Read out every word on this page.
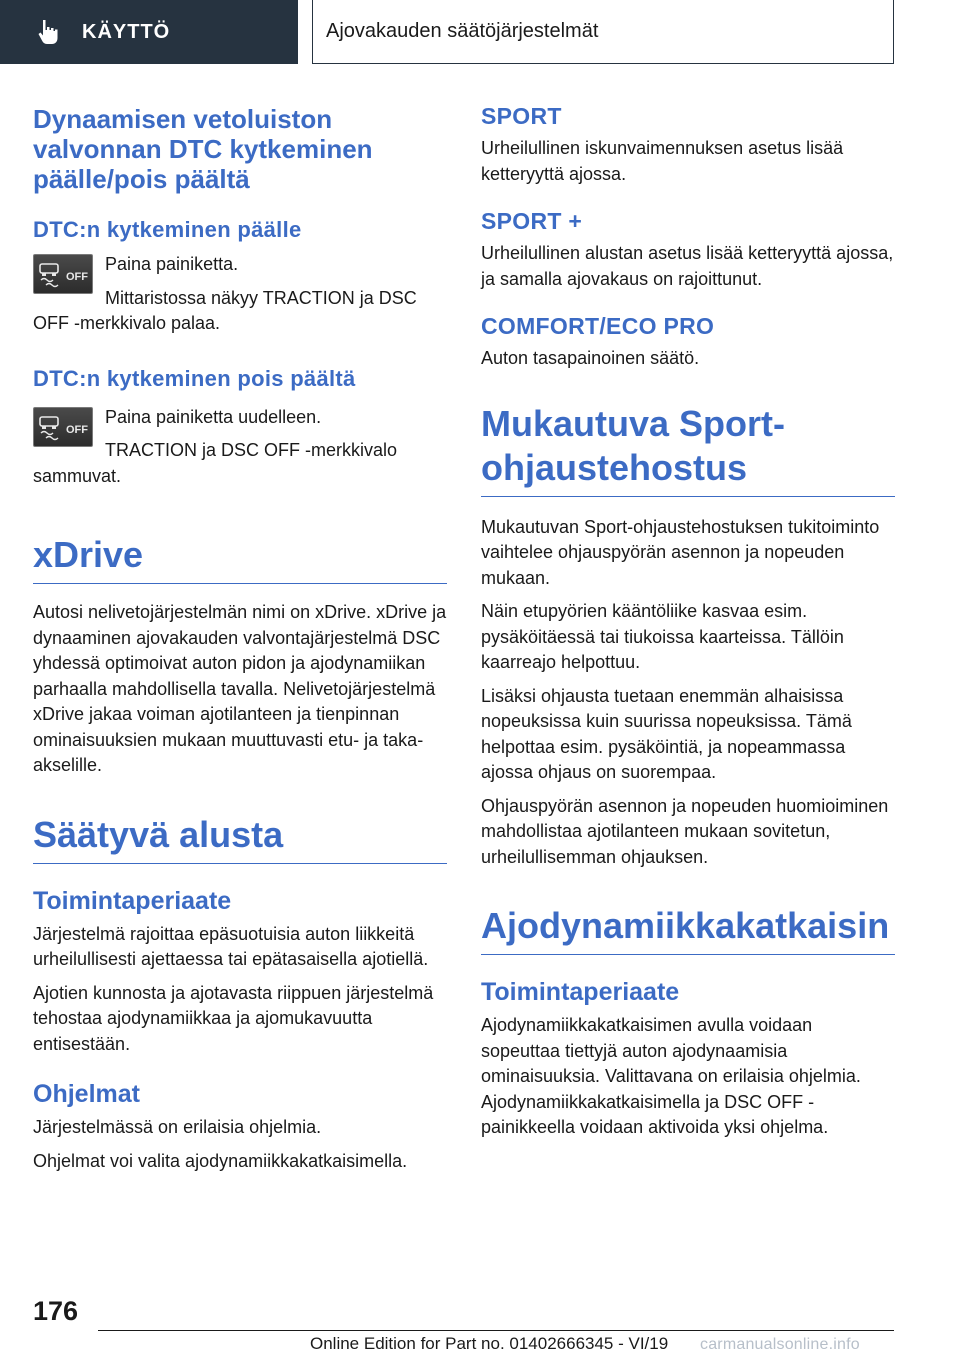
KÄYTTÖ	Ajovakauden säätöjärjestelmät
Dynaamisen vetoluiston valvonnan DTC kytkeminen päälle/pois päältä
DTC:n kytkeminen päälle
OFF

Paina painiketta.

Mittaristossa näkyy TRACTION ja DSC

OFF -merkkivalo palaa.

DTC:n kytkeminen pois päältä
OFF

Paina painiketta uudelleen.

TRACTION ja DSC OFF -merkkivalo

sammuvat.

xDrive

Autosi nelivetojärjestelmän nimi on xDrive. xDrive ja dynaaminen ajovakauden valvontajärjestelmä DSC yhdessä optimoivat auton pidon ja ajodynamiikan parhaalla mahdollisella tavalla. Nelivetojärjestelmä xDrive jakaa voiman ajotilanteen ja tienpinnan ominaisuuksien mukaan muuttuvasti etu- ja taka-akselille.

Säätyvä alusta
Toimintaperiaate

Järjestelmä rajoittaa epäsuotuisia auton liikkeitä urheilullisesti ajettaessa tai epätasaisella ajotiellä.

Ajotien kunnosta ja ajotavasta riippuen järjestelmä tehostaa ajodynamiikkaa ja ajomukavuutta entisestään.

Ohjelmat

Järjestelmässä on erilaisia ohjelmia.

Ohjelmat voi valita ajodynamiikkakatkaisimella.

SPORT

Urheilullinen iskunvaimennuksen asetus lisää ketteryyttä ajossa.

SPORT +

Urheilullinen alustan asetus lisää ketteryyttä ajossa, ja samalla ajovakaus on rajoittunut.

COMFORT/ECO PRO

Auton tasapainoinen säätö.

Mukautuva Sport-ohjaustehostus

Mukautuvan Sport-ohjaustehostuksen tukitoiminto vaihtelee ohjauspyörän asennon ja nopeuden mukaan.

Näin etupyörien kääntöliike kasvaa esim. pysäköitäessä tai tiukoissa kaarteissa. Tällöin kaarreajo helpottuu.

Lisäksi ohjausta tuetaan enemmän alhaisissa nopeuksissa kuin suurissa nopeuksissa. Tämä helpottaa esim. pysäköintiä, ja nopeammassa ajossa ohjaus on suorempaa.

Ohjauspyörän asennon ja nopeuden huomioiminen mahdollistaa ajotilanteen mukaan sovitetun, urheilullisemman ohjauksen.

Ajodynamiikkakatkaisin
Toimintaperiaate

Ajodynamiikkakatkaisimen avulla voidaan sopeuttaa tiettyjä auton ajodynaamisia ominaisuuksia. Valittavana on erilaisia ohjelmia. Ajodynamiikkakatkaisimella ja DSC OFF -painikkeella voidaan aktivoida yksi ohjelma.

176
Online Edition for Part no. 01402666345 - VI/19 carmanualsonline.info
